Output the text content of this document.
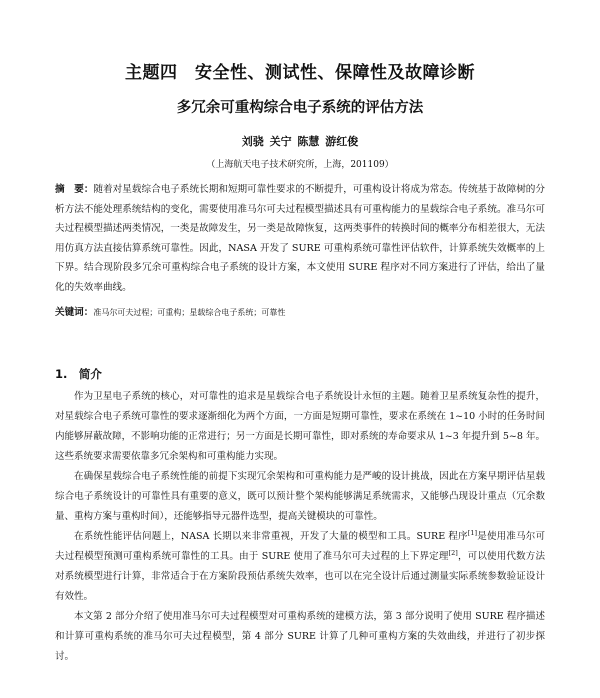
主题四　安全性、测试性、保障性及故障诊断
多冗余可重构综合电子系统的评估方法
刘骁 关宁 陈慧 游红俊
（上海航天电子技术研究所，上海，201109）
摘　要：随着对星载综合电子系统长期和短期可靠性要求的不断提升，可重构设计将成为常态。传统基于故障树的分析方法不能处理系统结构的变化，需要使用准马尔可夫过程模型描述具有可重构能力的星载综合电子系统。准马尔可夫过程模型描述两类情况，一类是故障发生，另一类是故障恢复，这两类事件的转换时间的概率分布相差很大，无法用仿真方法直接估算系统可靠性。因此，NASA 开发了 SURE 可重构系统可靠性评估软件，计算系统失效概率的上下界。结合现阶段多冗余可重构综合电子系统的设计方案，本文使用 SURE 程序对不同方案进行了评估，给出了量化的失效率曲线。
关键词：准马尔可夫过程；可重构；星载综合电子系统；可靠性
1.　简介

作为卫星电子系统的核心，对可靠性的追求是星载综合电子系统设计永恒的主题。随着卫星系统复杂性的提升，对星载综合电子系统可靠性的要求逐渐细化为两个方面，一方面是短期可靠性，要求在系统在 1~10 小时的任务时间内能够屏蔽故障，不影响功能的正常进行；另一方面是长期可靠性，即对系统的寿命要求从 1~3 年提升到 5~8 年。这些系统要求需要依靠多冗余架构和可重构能力实现。

在确保星载综合电子系统性能的前提下实现冗余架构和可重构能力是严峻的设计挑战，因此在方案早期评估星载综合电子系统设计的可靠性具有重要的意义，既可以预计整个架构能够满足系统需求，又能够凸现设计重点（冗余数量、重构方案与重构时间），还能够指导元器件选型，提高关键模块的可靠性。

在系统性能评估问题上，NASA 长期以来非常重视，开发了大量的模型和工具。SURE 程序[1]是使用准马尔可夫过程模型预测可重构系统可靠性的工具。由于 SURE 使用了准马尔可夫过程的上下界定理[2]，可以使用代数方法对系统模型进行计算，非常适合于在方案阶段预估系统失效率，也可以在完全设计后通过测量实际系统参数验证设计有效性。

本文第 2 部分介绍了使用准马尔可夫过程模型对可重构系统的建模方法，第 3 部分说明了使用 SURE 程序描述和计算可重构系统的准马尔可夫过程模型，第 4 部分 SURE 计算了几种可重构方案的失效曲线，并进行了初步探讨。
